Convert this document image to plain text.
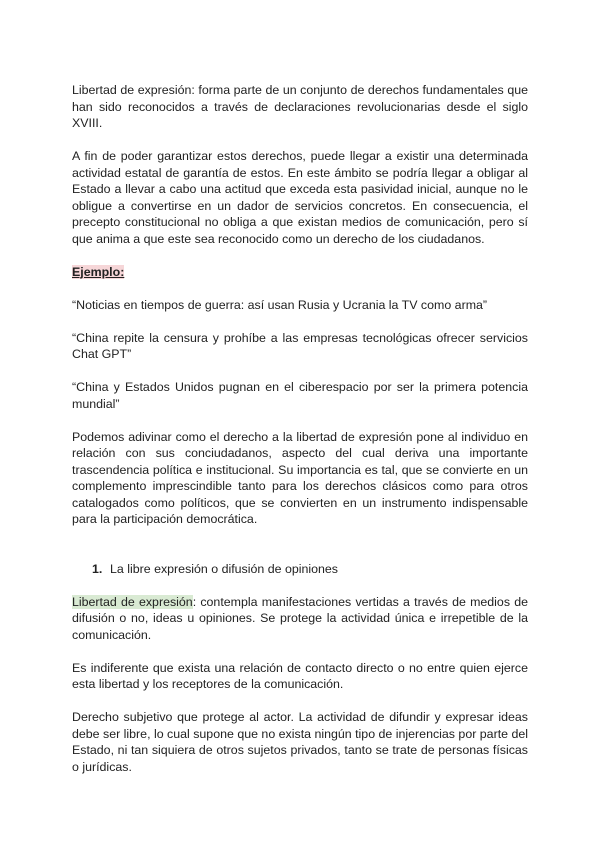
Libertad de expresión: forma parte de un conjunto de derechos fundamentales que han sido reconocidos a través de declaraciones revolucionarias desde el siglo XVIII.

A fin de poder garantizar estos derechos, puede llegar a existir una determinada actividad estatal de garantía de estos. En este ámbito se podría llegar a obligar al Estado a llevar a cabo una actitud que exceda esta pasividad inicial, aunque no le obligue a convertirse en un dador de servicios concretos. En consecuencia, el precepto constitucional no obliga a que existan medios de comunicación, pero sí que anima a que este sea reconocido como un derecho de los ciudadanos.

Ejemplo:

“Noticias en tiempos de guerra: así usan Rusia y Ucrania la TV como arma”

“China repite la censura y prohíbe a las empresas tecnológicas ofrecer servicios Chat GPT”

“China y Estados Unidos pugnan en el ciberespacio por ser la primera potencia mundial”

Podemos adivinar como el derecho a la libertad de expresión pone al individuo en relación con sus conciudadanos, aspecto del cual deriva una importante trascendencia política e institucional. Su importancia es tal, que se convierte en un complemento imprescindible tanto para los derechos clásicos como para otros catalogados como políticos, que se convierten en un instrumento indispensable para la participación democrática.

1. La libre expresión o difusión de opiniones

Libertad de expresión: contempla manifestaciones vertidas a través de medios de difusión o no, ideas u opiniones. Se protege la actividad única e irrepetible de la comunicación.

Es indiferente que exista una relación de contacto directo o no entre quien ejerce esta libertad y los receptores de la comunicación.

Derecho subjetivo que protege al actor. La actividad de difundir y expresar ideas debe ser libre, lo cual supone que no exista ningún tipo de injerencias por parte del Estado, ni tan siquiera de otros sujetos privados, tanto se trate de personas físicas o jurídicas.
